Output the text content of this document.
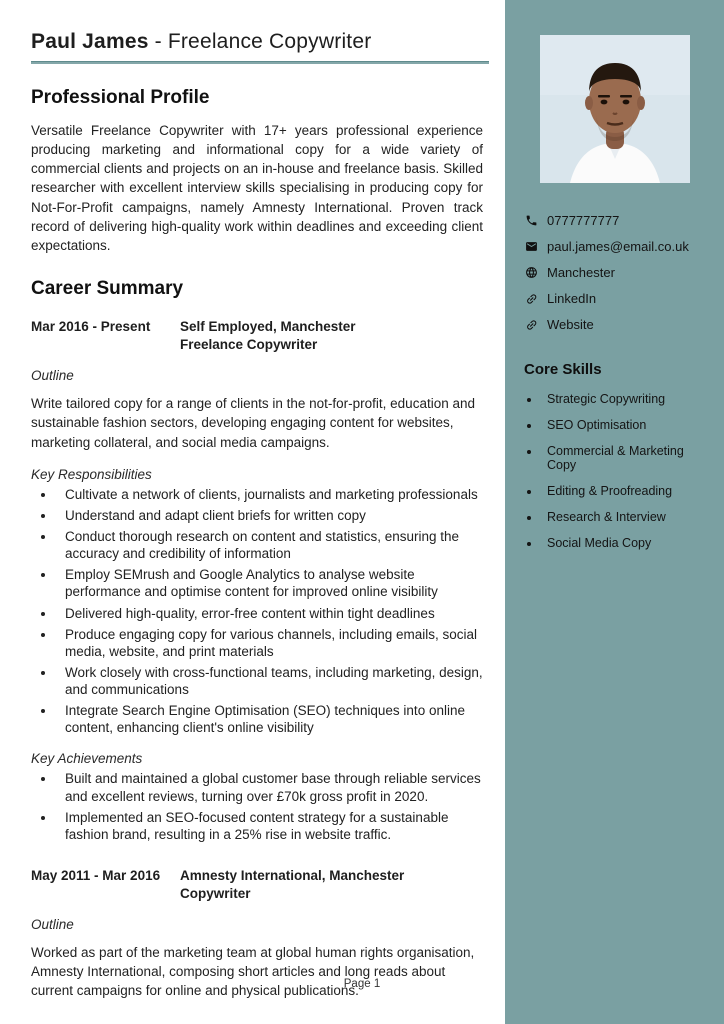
Paul James - Freelance Copywriter
Professional Profile

Versatile Freelance Copywriter with 17+ years professional experience producing marketing and informational copy for a wide variety of commercial clients and projects on an in-house and freelance basis. Skilled researcher with excellent interview skills specialising in producing copy for Not-For-Profit campaigns, namely Amnesty International. Proven track record of delivering high-quality work within deadlines and exceeding client expectations.

Career Summary
Mar 2016 - Present	Self Employed, Manchester
Freelance Copywriter
Outline

Write tailored copy for a range of clients in the not-for-profit, education and sustainable fashion sectors, developing engaging content for websites, marketing collateral, and social media campaigns.

Key Responsibilities
• Cultivate a network of clients, journalists and marketing professionals
• Understand and adapt client briefs for written copy
• Conduct thorough research on content and statistics, ensuring the accuracy and credibility of information
• Employ SEMrush and Google Analytics to analyse website performance and optimise content for improved online visibility
• Delivered high-quality, error-free content within tight deadlines
• Produce engaging copy for various channels, including emails, social media, website, and print materials
• Work closely with cross-functional teams, including marketing, design, and communications
• Integrate Search Engine Optimisation (SEO) techniques into online content, enhancing client's online visibility
Key Achievements
• Built and maintained a global customer base through reliable services and excellent reviews, turning over £70k gross profit in 2020.
• Implemented an SEO-focused content strategy for a sustainable fashion brand, resulting in a 25% rise in website traffic.
May 2011 - Mar 2016	Amnesty International, Manchester
Copywriter
Outline

Worked as part of the marketing team at global human rights organisation, Amnesty International, composing short articles and long reads about current campaigns for online and physical publications.

0777777777
paul.james@email.co.uk
Manchester
LinkedIn
Website
Core Skills
• Strategic Copywriting
• SEO Optimisation
• Commercial & Marketing Copy
• Editing & Proofreading
• Research & Interview
• Social Media Copy
Page 1
